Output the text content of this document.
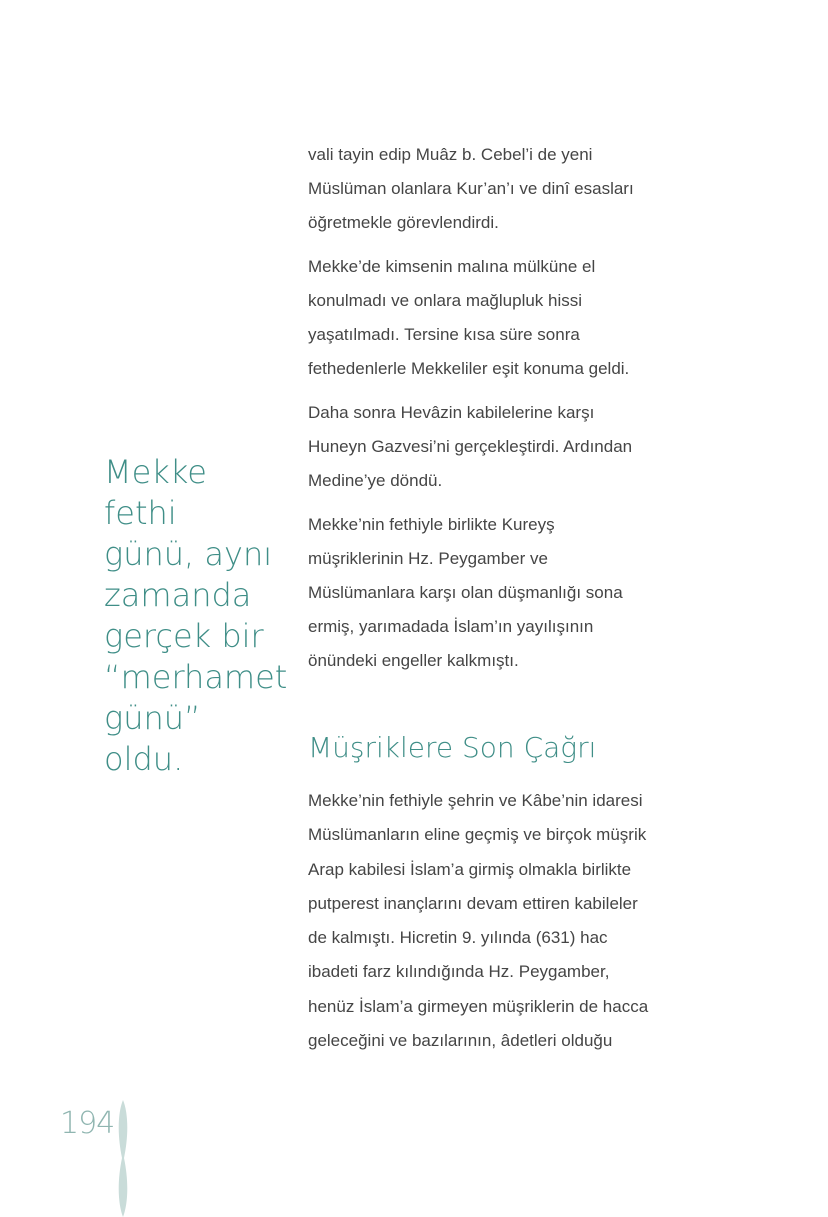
Mekke
fethi
günü, aynı
zamanda
gerçek bir
“merhamet
günü”
oldu.

vali tayin edip Muâz b. Cebel’i de yeni
Müslüman olanlara Kur’an’ı ve dinî esasları
öğretmekle görevlendirdi.

Mekke’de kimsenin malına mülküne el
konulmadı ve onlara mağlupluk hissi
yaşatılmadı. Tersine kısa süre sonra
fethedenlerle Mekkeliler eşit konuma geldi.

Daha sonra Hevâzin kabilelerine karşı
Huneyn Gazvesi’ni gerçekleştirdi. Ardından
Medine’ye döndü.

Mekke’nin fethiyle birlikte Kureyş
müşriklerinin Hz. Peygamber ve
Müslümanlara karşı olan düşmanlığı sona
ermiş, yarımadada İslam’ın yayılışının
önündeki engeller kalkmıştı.

Müşriklere Son Çağrı

Mekke’nin fethiyle şehrin ve Kâbe’nin idaresi
Müslümanların eline geçmiş ve birçok müşrik
Arap kabilesi İslam’a girmiş olmakla birlikte
putperest inançlarını devam ettiren kabileler
de kalmıştı. Hicretin 9. yılında (631) hac
ibadeti farz kılındığında Hz. Peygamber,
henüz İslam’a girmeyen müşriklerin de hacca
geleceğini ve bazılarının, âdetleri olduğu

194
